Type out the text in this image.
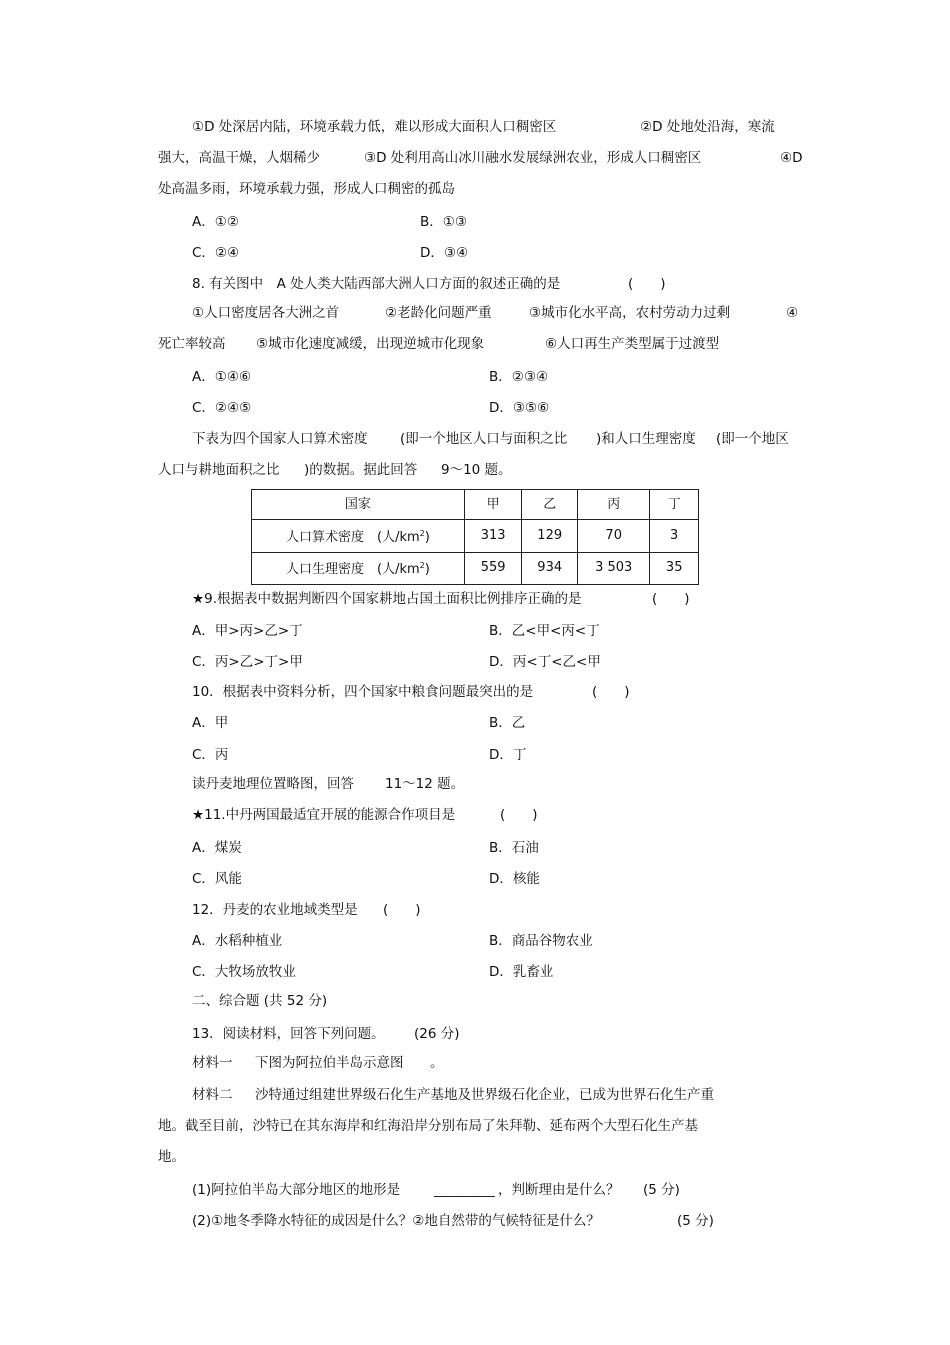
①D 处深居内陆，环境承载力低，难以形成大面积人口稠密区	②D 处地处沿海，寒流
强大，高温干燥，人烟稀少	③D 处利用高山冰川融水发展绿洲农业，形成人口稠密区	④D
处高温多雨，环境承载力强，形成人口稠密的孤岛
A．①②	B．①③
C．②④	D．③④
8. 有关图中　A 处人类大陆西部大洲人口方面的叙述正确的是	(　　)
①人口密度居各大洲之首	②老龄化问题严重	③城市化水平高，农村劳动力过剩	④
死亡率较高 ⑤城市化速度减缓，出现逆城市化现象	⑥人口再生产类型属于过渡型
A．①④⑥	B．②③④
C．②④⑤	D．③⑤⑥
下表为四个国家人口算术密度 (即一个地区人口与面积之比 )和人口生理密度 (即一个地区
人口与耕地面积之比 )的数据。据此回答 9～10 题。
国家	甲	乙	丙	丁
人口算术密度　(人$/km^2$)	313	129	70	3
人口生理密度　(人$/km^2$)	559	934	3 503	35
★9.根据表中数据判断四个国家耕地占国土面积比例排序正确的是	(　　)
A．甲>丙>乙>丁	B．乙<甲<丙<丁
C．丙>乙>丁>甲	D．丙<丁<乙<甲
10．根据表中资料分析，四个国家中粮食问题最突出的是	(　　)
A．甲	B．乙
C．丙	D．丁
读丹麦地理位置略图，回答 11～12 题。
★11.中丹两国最适宜开展的能源合作项目是	(　　)
A．煤炭	B．石油
C．风能	D．核能
12．丹麦的农业地域类型是 (　　)
A．水稻种植业	B．商品谷物农业
C．大牧场放牧业	D．乳畜业
二、综合题 (共 52 分)
13．阅读材料，回答下列问题。 (26 分)
材料一 下图为阿拉伯半岛示意图 。
材料二 沙特通过组建世界级石化生产基地及世界级石化企业，已成为世界石化生产重
地。截至目前，沙特已在其东海岸和红海沿岸分别布局了朱拜勒、延布两个大型石化生产基
地。
(1)阿拉伯半岛大部分地区的地形是	_________ ，判断理由是什么？ (5 分)
(2)①地冬季降水特征的成因是什么？②地自然带的气候特征是什么？	(5 分)
